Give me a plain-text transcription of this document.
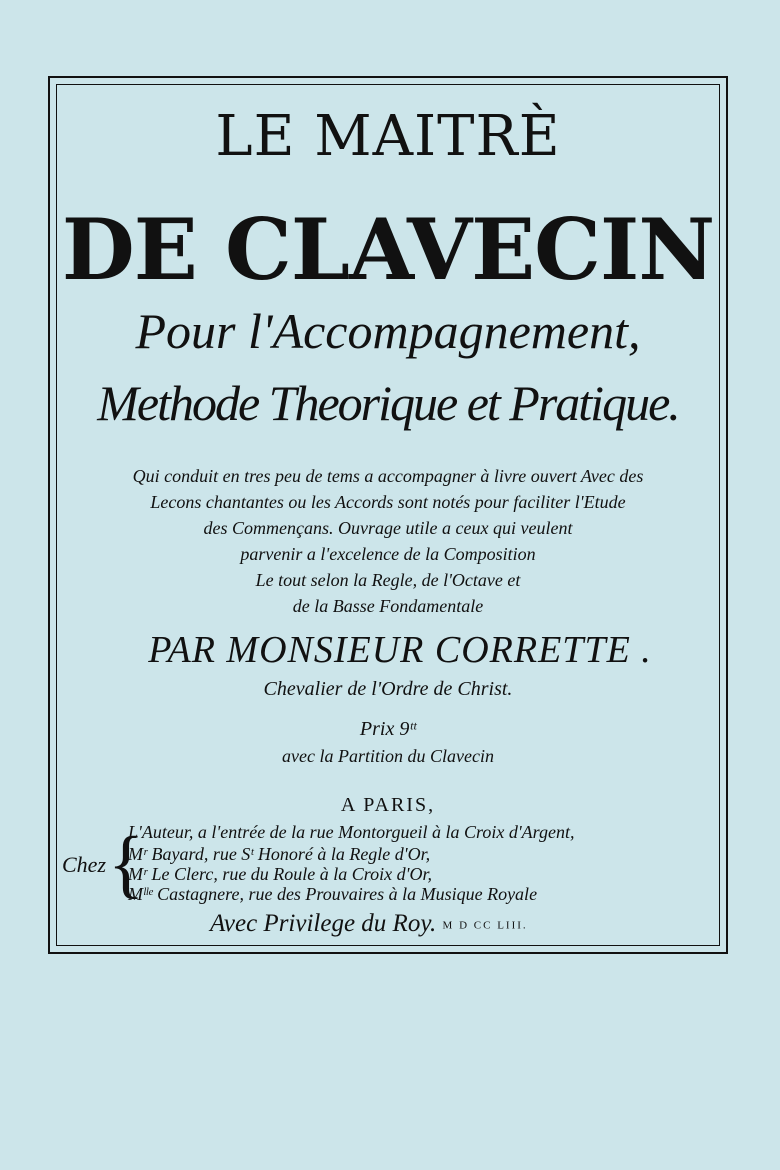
LE MAITRÈ
DE CLAVECIN
Pour l'Accompagnement,
Methode Theorique et Pratique.
Qui conduit en tres peu de tems a accompagner à livre ouvert Avec des
Lecons chantantes ou les Accords sont notés pour faciliter l'Etude
des Commençans. Ouvrage utile a ceux qui veulent
parvenir a l'excelence de la Composition
Le tout selon la Regle, de l'Octave et
de la Basse Fondamentale
PAR MONSIEUR CORRETTE .
Chevalier de l'Ordre de Christ.
Prix 9ᵗᵗ
avec la Partition du Clavecin
A PARIS,
Chez {
L'Auteur, a l'entrée de la rue Montorgueil à la Croix d'Argent,
Mʳ Bayard, rue Sᵗ Honoré à la Regle d'Or,
Mʳ Le Clerc, rue du Roule à la Croix d'Or,
Mˡˡᵉ Castagnere, rue des Prouvaires à la Musique Royale
Avec Privilege du Roy. M D CC LIII.
